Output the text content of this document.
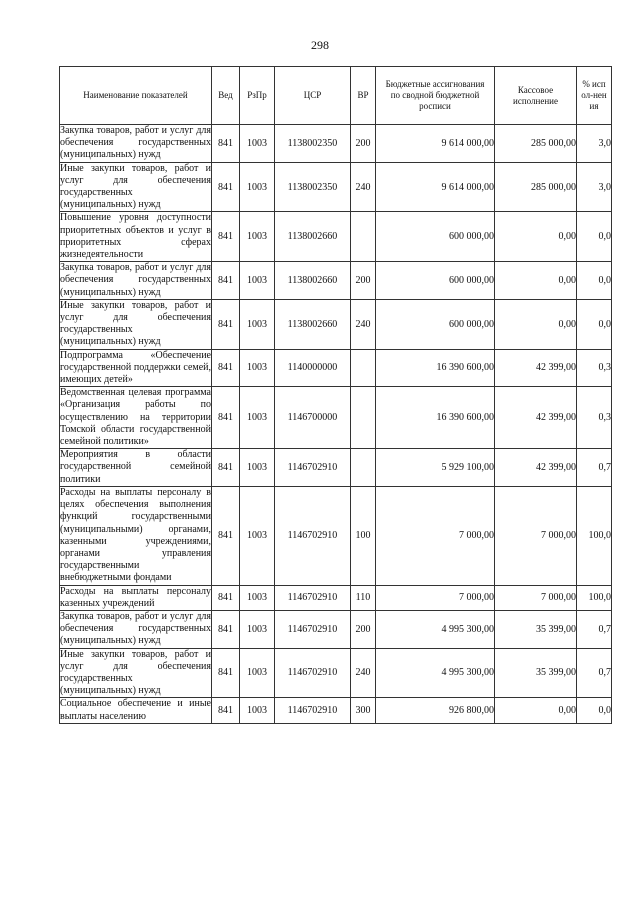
298
Наименование показателей	Вед	РзПр	ЦСР	ВР	Бюджетные ассигнования по сводной бюджетной росписи	Кассовое исполнение	% испол-нения
Закупка товаров, работ и услуг для обеспечения государственных (муниципальных) нужд	841	1003	1138002350	200	9 614 000,00	285 000,00	3,0
Иные закупки товаров, работ и услуг для обеспечения государственных (муниципальных) нужд	841	1003	1138002350	240	9 614 000,00	285 000,00	3,0
Повышение уровня доступности приоритетных объектов и услуг в приоритетных сферах жизнедеятельности	841	1003	1138002660		600 000,00	0,00	0,0
Закупка товаров, работ и услуг для обеспечения государственных (муниципальных) нужд	841	1003	1138002660	200	600 000,00	0,00	0,0
Иные закупки товаров, работ и услуг для обеспечения государственных (муниципальных) нужд	841	1003	1138002660	240	600 000,00	0,00	0,0
Подпрограмма «Обеспечение государственной поддержки семей, имеющих детей»	841	1003	1140000000		16 390 600,00	42 399,00	0,3
Ведомственная целевая программа «Организация работы по осуществлению на территории Томской области государственной семейной политики»	841	1003	1146700000		16 390 600,00	42 399,00	0,3
Мероприятия в области государственной семейной политики	841	1003	1146702910		5 929 100,00	42 399,00	0,7
Расходы на выплаты персоналу в целях обеспечения выполнения функций государственными (муниципальными) органами, казенными учреждениями, органами управления государственными внебюджетными фондами	841	1003	1146702910	100	7 000,00	7 000,00	100,0
Расходы на выплаты персоналу казенных учреждений	841	1003	1146702910	110	7 000,00	7 000,00	100,0
Закупка товаров, работ и услуг для обеспечения государственных (муниципальных) нужд	841	1003	1146702910	200	4 995 300,00	35 399,00	0,7
Иные закупки товаров, работ и услуг для обеспечения государственных (муниципальных) нужд	841	1003	1146702910	240	4 995 300,00	35 399,00	0,7
Социальное обеспечение и иные выплаты населению	841	1003	1146702910	300	926 800,00	0,00	0,0
